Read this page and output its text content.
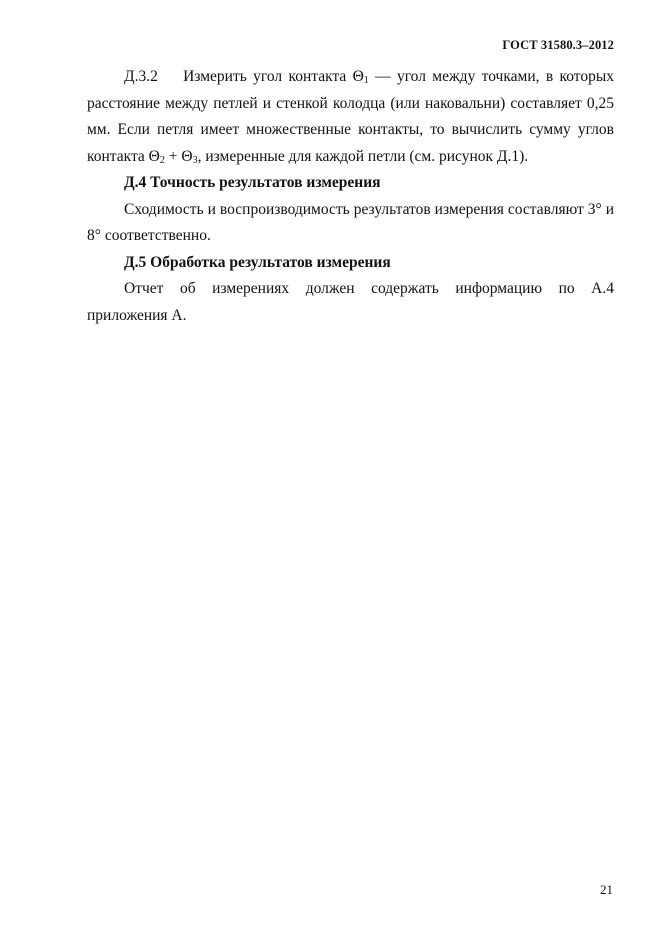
ГОСТ 31580.3–2012

Д.3.2 Измерить угол контакта $\Theta_1$ — угол между точками, в которых расстояние между петлей и стенкой колодца (или наковальни) составляет 0,25 мм. Если петля имеет множественные контакты, то вычислить сумму углов контакта $\Theta_2 + \Theta_3$, измеренные для каждой петли (см. рисунок Д.1).

Д.4 Точность результатов измерения

Сходимость и воспроизводимость результатов измерения составляют 3° и 8° соответственно.

Д.5 Обработка результатов измерения

Отчет об измерениях должен содержать информацию по А.4

приложения А.

21
